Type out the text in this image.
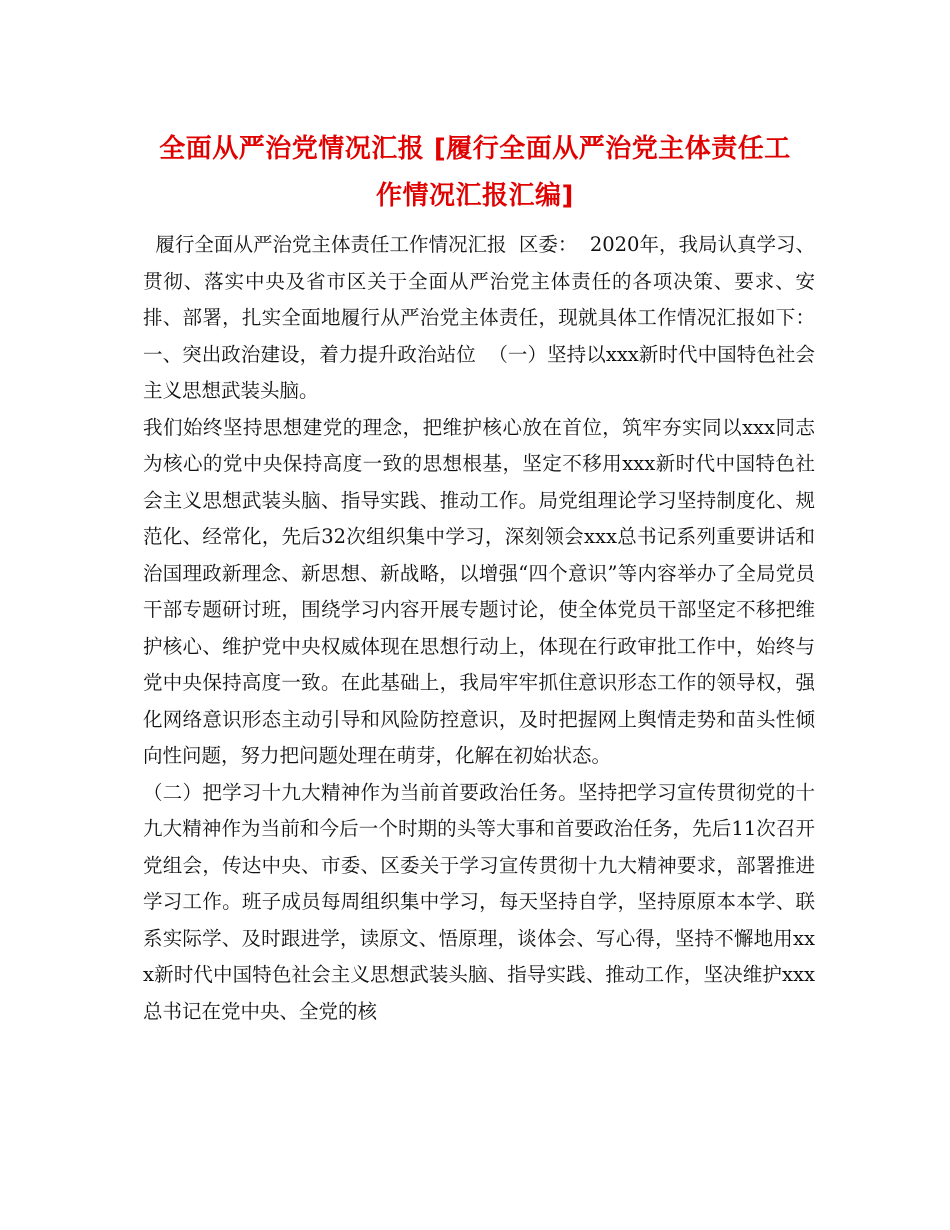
全面从严治党情况汇报 [履行全面从严治党主体责任工
作情况汇报汇编]

履行全面从严治党主体责任工作情况汇报  区委：  2020年，我局认真学习、贯彻、落实中央及省市区关于全面从严治党主体责任的各项决策、要求、安排、部署，扎实全面地履行从严治党主体责任，现就具体工作情况汇报如下：  一、突出政治建设，着力提升政治站位  （一）坚持以xxx新时代中国特色社会主义思想武装头脑。

我们始终坚持思想建党的理念，把维护核心放在首位，筑牢夯实同以xxx同志为核心的党中央保持高度一致的思想根基，坚定不移用xxx新时代中国特色社会主义思想武装头脑、指导实践、推动工作。局党组理论学习坚持制度化、规范化、经常化，先后32次组织集中学习，深刻领会xxx总书记系列重要讲话和治国理政新理念、新思想、新战略，以增强“四个意识”等内容举办了全局党员干部专题研讨班，围绕学习内容开展专题讨论，使全体党员干部坚定不移把维护核心、维护党中央权威体现在思想行动上，体现在行政审批工作中，始终与党中央保持高度一致。在此基础上，我局牢牢抓住意识形态工作的领导权，强化网络意识形态主动引导和风险防控意识，及时把握网上舆情走势和苗头性倾向性问题，努力把问题处理在萌芽，化解在初始状态。

（二）把学习十九大精神作为当前首要政治任务。坚持把学习宣传贯彻党的十九大精神作为当前和今后一个时期的头等大事和首要政治任务，先后11次召开党组会，传达中央、市委、区委关于学习宣传贯彻十九大精神要求，部署推进学习工作。班子成员每周组织集中学习，每天坚持自学，坚持原原本本学、联系实际学、及时跟进学，读原文、悟原理，谈体会、写心得，坚持不懈地用xxx新时代中国特色社会主义思想武装头脑、指导实践、推动工作，坚决维护xxx总书记在党中央、全党的核
